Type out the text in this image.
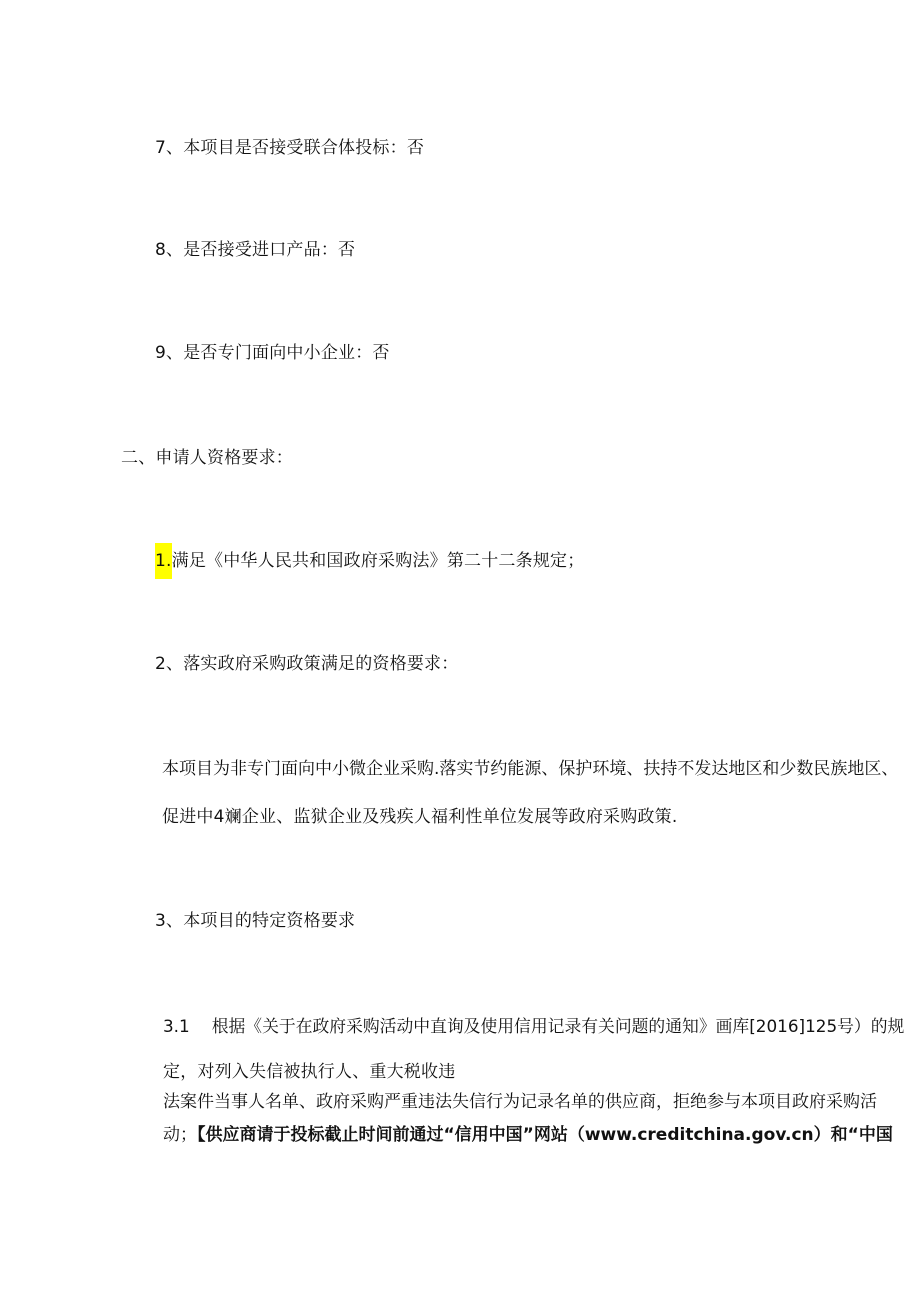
7、本项目是否接受联合体投标：否
8、是否接受进口产品：否
9、是否专门面向中小企业：否
二、申请人资格要求：
1.满足《中华人民共和国政府采购法》第二十二条规定；
2、落实政府采购政策满足的资格要求：
本项目为非专门面向中小微企业采购.落实节约能源、保护环境、扶持不发达地区和少数民族地区、
促进中4斓企业、监狱企业及残疾人福利性单位发展等政府采购政策.
3、本项目的特定资格要求
3.1 根据《关于在政府采购活动中直询及使用信用记录有关问题的通知》画库[2016]125号）的规
定，对列入失信被执行人、重大税收违
法案件当事人名单、政府采购严重违法失信行为记录名单的供应商，拒绝参与本项目政府采购活
动；【供应商请于投标截止时间前通过“信用中国”网站（www.creditchina.gov.cn）和“中国
